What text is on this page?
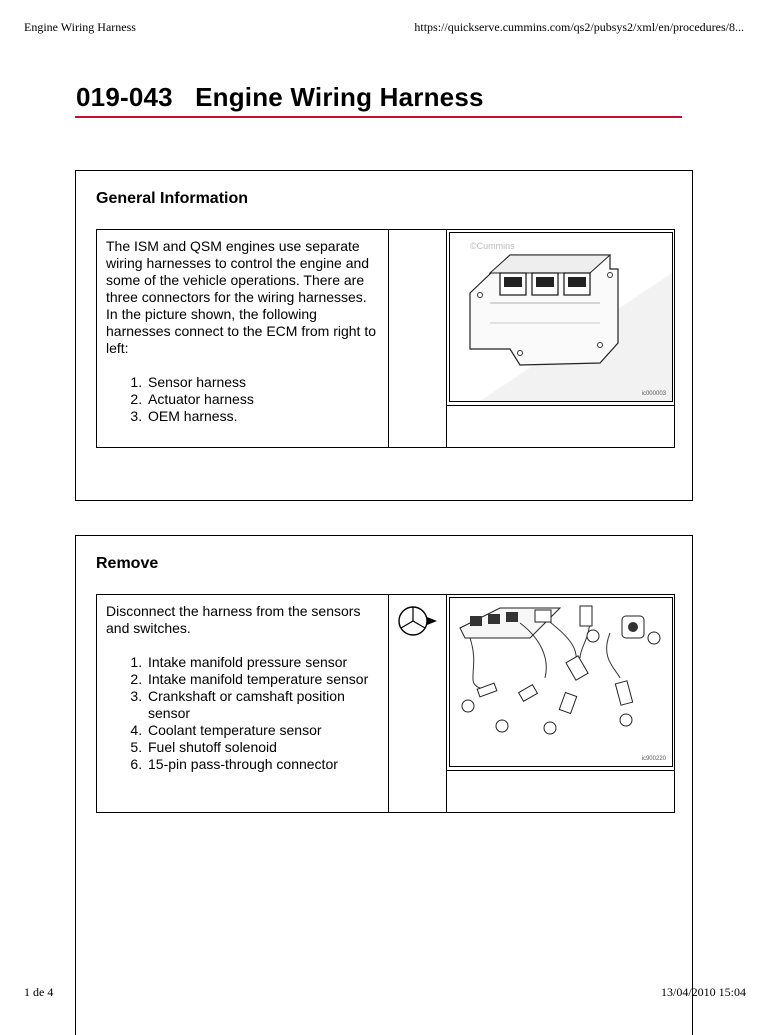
Engine Wiring Harness	https://quickserve.cummins.com/qs2/pubsys2/xml/en/procedures/8...
019-043   Engine Wiring Harness
General Information

The ISM and QSM engines use separate wiring harnesses to control the engine and some of the vehicle operations. There are three connectors for the wiring harnesses. In the picture shown, the following harnesses connect to the ECM from right to left:

1. Sensor harness
2. Actuator harness
3. OEM harness.
©Cummins
ic000003
Remove

Disconnect the harness from the sensors and switches.

1. Intake manifold pressure sensor
2. Intake manifold temperature sensor
3. Crankshaft or camshaft position sensor
4. Coolant temperature sensor
5. Fuel shutoff solenoid
6. 15-pin pass-through connector	ic900220
1 de 4	13/04/2010 15:04
